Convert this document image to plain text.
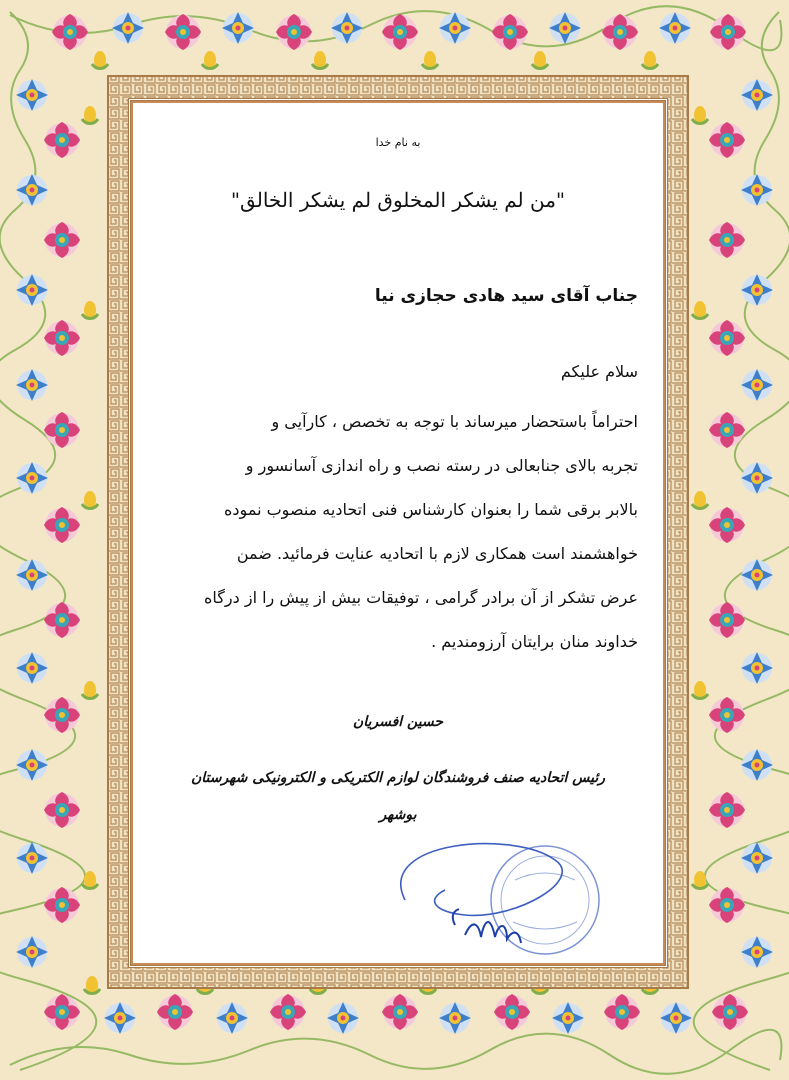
به نام خدا
"من لم یشکر المخلوق لم یشکر الخالق"
جناب آقای سید هادی حجازی نیا
سلام علیکم
احتراماً باستحضار میرساند با توجه به تخصص ، کارآیی و
تجربه بالای جنابعالی در رسته نصب و راه اندازی آسانسور و
بالابر برقی شما را بعنوان کارشناس فنی اتحادیه منصوب نموده
خواهشمند است همکاری لازم با اتحادیه عنایت فرمائید. ضمن
عرض تشکر از آن برادر گرامی ، توفیقات بیش از پیش را از درگاه
خداوند منان برایتان آرزومندیم .
حسین افسریان
رئیس اتحادیه صنف فروشندگان لوازم الکتریکی و الکترونیکی شهرستان
بوشهر
